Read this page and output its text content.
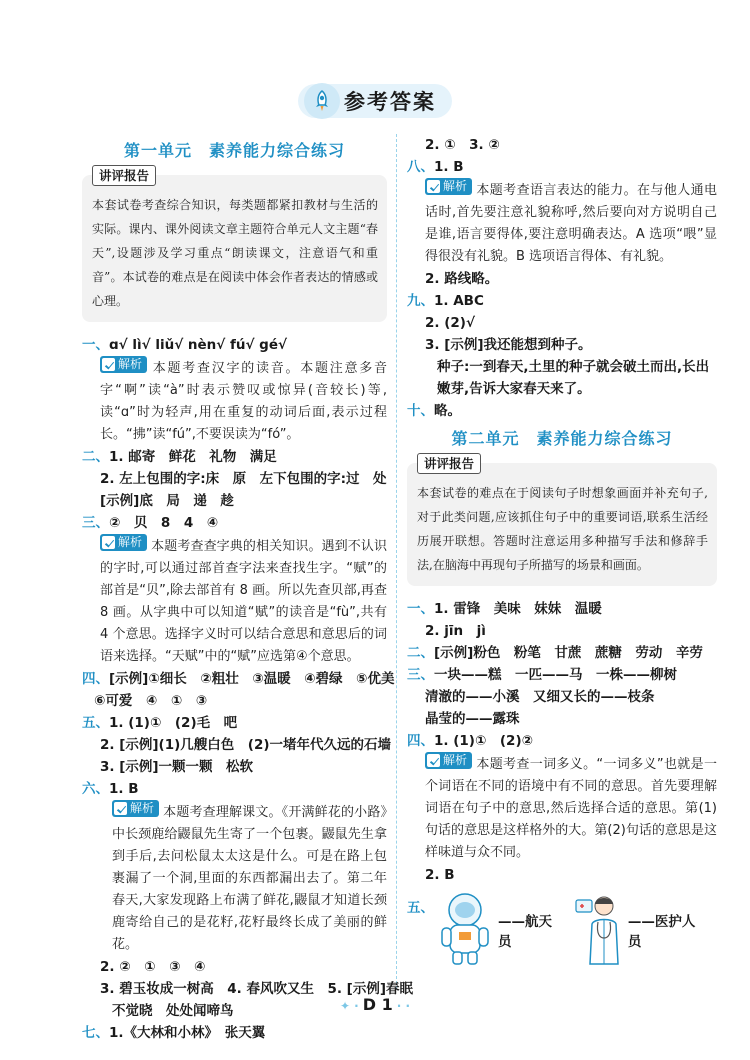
参考答案
第一单元　素养能力综合练习
讲评报告
本套试卷考查综合知识，每类题都紧扣教材与生活的实际。课内、课外阅读文章主题符合单元人文主题“春天”,设题涉及学习重点“朗读课文，注意语气和重音”。本试卷的难点是在阅读中体会作者表达的情感或心理。
一、ɑ√ lì√ liǔ√ nèn√ fú√ gé√
解析 本题考查汉字的读音。本题注意多音字“啊”读“à”时表示赞叹或惊异(音较长)等,读“ɑ”时为轻声,用在重复的动词后面,表示过程长。“拂”读“fú”,不要误读为“fó”。
二、1. 邮寄　鲜花　礼物　满足
2. 左上包围的字:床　原　左下包围的字:过　处
[示例]底　局　递　趁
三、②　贝　8　4　④
解析 本题考查查字典的相关知识。遇到不认识的字时,可以通过部首查字法来查找生字。“赋”的部首是“贝”,除去部首有 8 画。所以先查贝部,再查 8 画。从字典中可以知道“赋”的读音是“fù”,共有 4 个意思。选择字义时可以结合意思和意思后的词语来选择。“天赋”中的“赋”应选第④个意思。
四、[示例]①细长　②粗壮　③温暖　④碧绿　⑤优美
⑥可爱　④　①　③
五、1. (1)①　(2)毛　吧
2. [示例](1)几艘白色　(2)一堵年代久远的石墙
3. [示例]一颗一颗　松软
六、1. B
解析 本题考查理解课文。《开满鲜花的小路》中长颈鹿给鼹鼠先生寄了一个包裹。鼹鼠先生拿到手后,去问松鼠太太这是什么。可是在路上包裹漏了一个洞,里面的东西都漏出去了。第二年春天,大家发现路上布满了鲜花,鼹鼠才知道长颈鹿寄给自己的是花籽,花籽最终长成了美丽的鲜花。
2. ②　①　③　④
3. 碧玉妆成一树高　4. 春风吹又生　5. [示例]春眠
不觉晓　处处闻啼鸟
七、1.《大林和小林》　张天翼
2. ①　3. ②
八、1. B
解析 本题考查语言表达的能力。在与他人通电话时,首先要注意礼貌称呼,然后要向对方说明自己是谁,语言要得体,要注意明确表达。A 选项“喂”显得很没有礼貌。B 选项语言得体、有礼貌。
2. 路线略。
九、1. ABC
2. (2)√
3. [示例]我还能想到种子。
种子:一到春天,土里的种子就会破土而出,长出嫩芽,告诉大家春天来了。
十、略。
第二单元　素养能力综合练习
讲评报告
本套试卷的难点在于阅读句子时想象画面并补充句子,对于此类问题,应该抓住句子中的重要词语,联系生活经历展开联想。答题时注意运用多种描写手法和修辞手法,在脑海中再现句子所描写的场景和画面。
一、1. 雷锋　美味　妹妹　温暖
2. jīn　jì
二、[示例]粉色　粉笔　甘蔗　蔗糖　劳动　辛劳
三、一块——糕　一匹——马　一株——柳树
清澈的——小溪　又细又长的——枝条
晶莹的——露珠
四、1. (1)①　(2)②
解析 本题考查一词多义。“一词多义”也就是一个词语在不同的语境中有不同的意思。首先要理解词语在句子中的意思,然后选择合适的意思。第(1)句话的意思是这样格外的大。第(2)句话的意思是这样味道与众不同。
2. B
五、
——航天员
——医护人员
✦ · D 1 · ·
